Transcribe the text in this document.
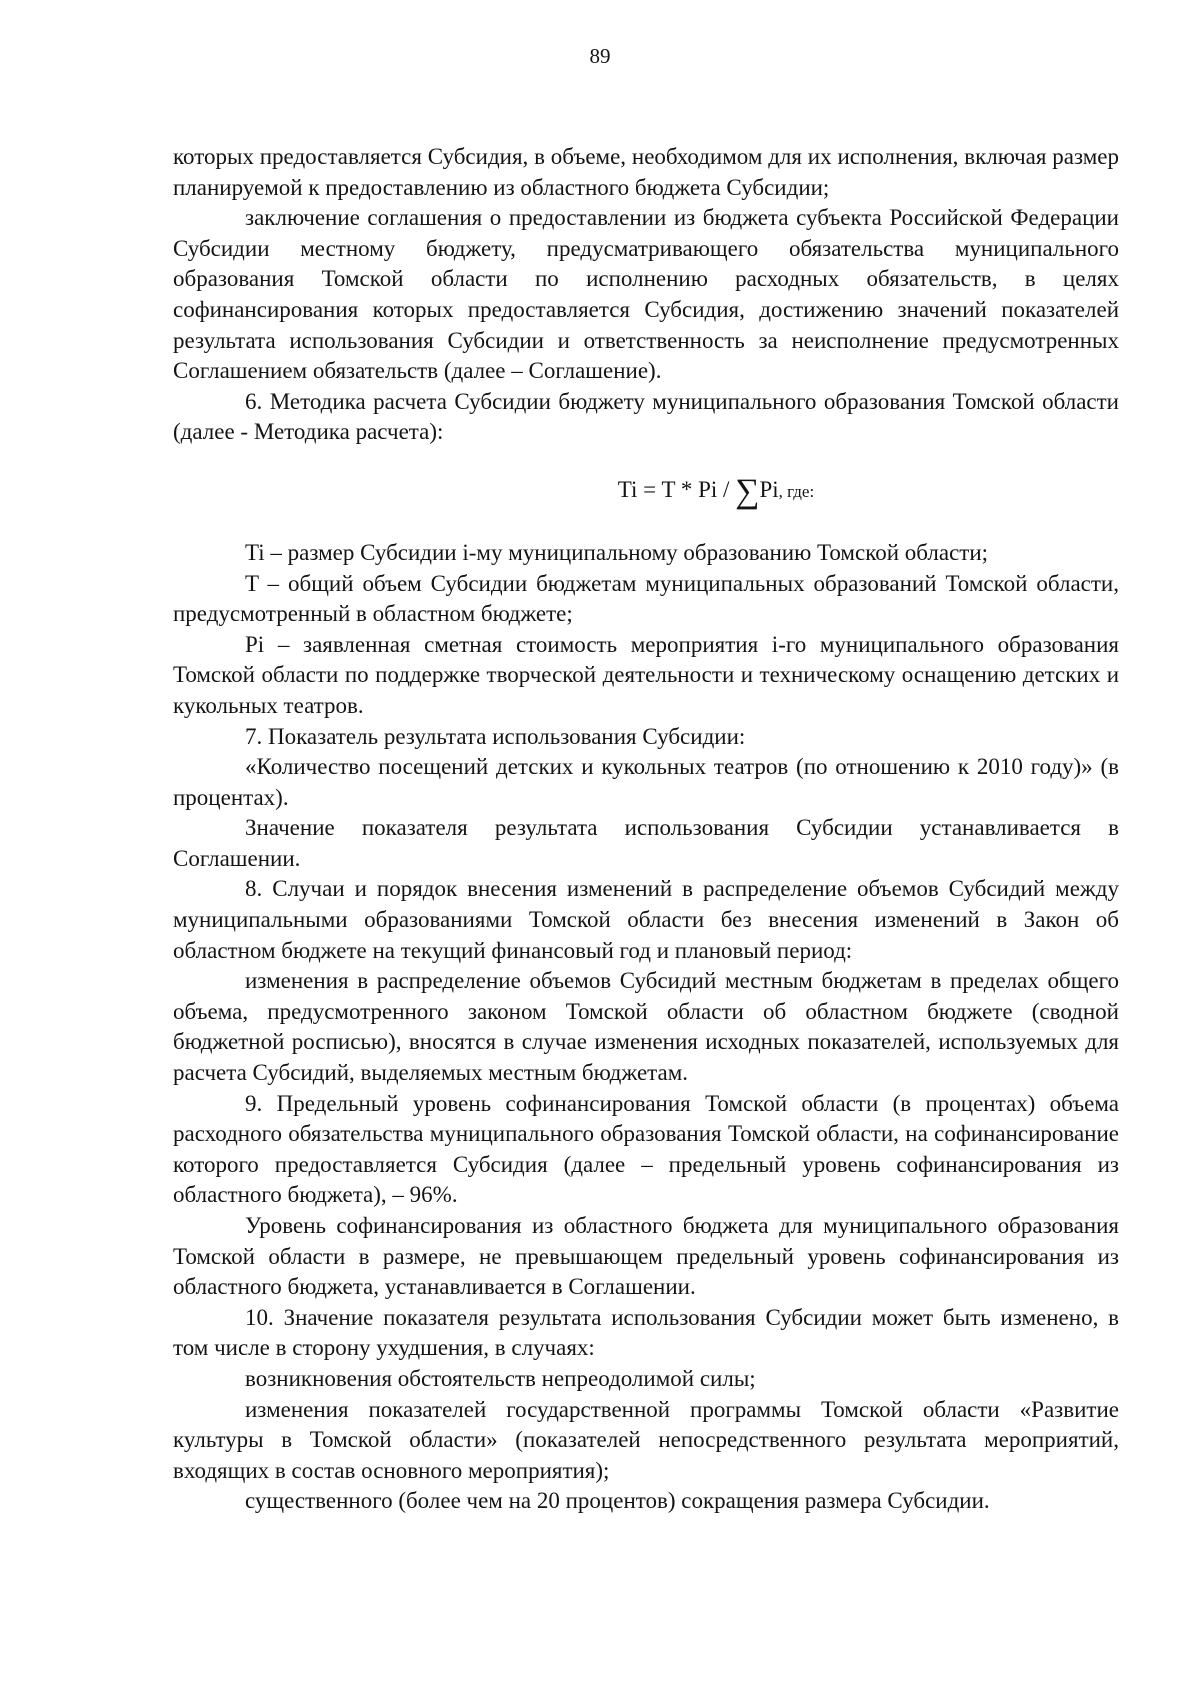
89

которых предоставляется Субсидия, в объеме, необходимом для их исполнения, включая размер планируемой к предоставлению из областного бюджета Субсидии;

заключение соглашения о предоставлении из бюджета субъекта Российской Федерации Субсидии местному бюджету, предусматривающего обязательства муниципального образования Томской области по исполнению расходных обязательств, в целях софинансирования которых предоставляется Субсидия, достижению значений показателей результата использования Субсидии и ответственность за неисполнение предусмотренных Соглашением обязательств (далее – Соглашение).

6. Методика расчета Субсидии бюджету муниципального образования Томской области (далее - Методика расчета):

Ti = T * Pi / ∑Pi, где:

Ti – размер Субсидии i-му муниципальному образованию Томской области;

T – общий объем Субсидии бюджетам муниципальных образований Томской области, предусмотренный в областном бюджете;

Pi – заявленная сметная стоимость мероприятия i-го муниципального образования Томской области по поддержке творческой деятельности и техническому оснащению детских и кукольных театров.

7. Показатель результата использования Субсидии:

«Количество посещений детских и кукольных театров (по отношению к 2010 году)» (в процентах).

Значение показателя результата использования Субсидии устанавливается в Соглашении.

8. Случаи и порядок внесения изменений в распределение объемов Субсидий между муниципальными образованиями Томской области без внесения изменений в Закон об областном бюджете на текущий финансовый год и плановый период:

изменения в распределение объемов Субсидий местным бюджетам в пределах общего объема, предусмотренного законом Томской области об областном бюджете (сводной бюджетной росписью), вносятся в случае изменения исходных показателей, используемых для расчета Субсидий, выделяемых местным бюджетам.

9. Предельный уровень софинансирования Томской области (в процентах) объема расходного обязательства муниципального образования Томской области, на софинансирование которого предоставляется Субсидия (далее – предельный уровень софинансирования из областного бюджета), – 96%.

Уровень софинансирования из областного бюджета для муниципального образования Томской области в размере, не превышающем предельный уровень софинансирования из областного бюджета, устанавливается в Соглашении.

10. Значение показателя результата использования Субсидии может быть изменено, в том числе в сторону ухудшения, в случаях:

возникновения обстоятельств непреодолимой силы;

изменения показателей государственной программы Томской области «Развитие культуры в Томской области» (показателей непосредственного результата мероприятий, входящих в состав основного мероприятия);

существенного (более чем на 20 процентов) сокращения размера Субсидии.
